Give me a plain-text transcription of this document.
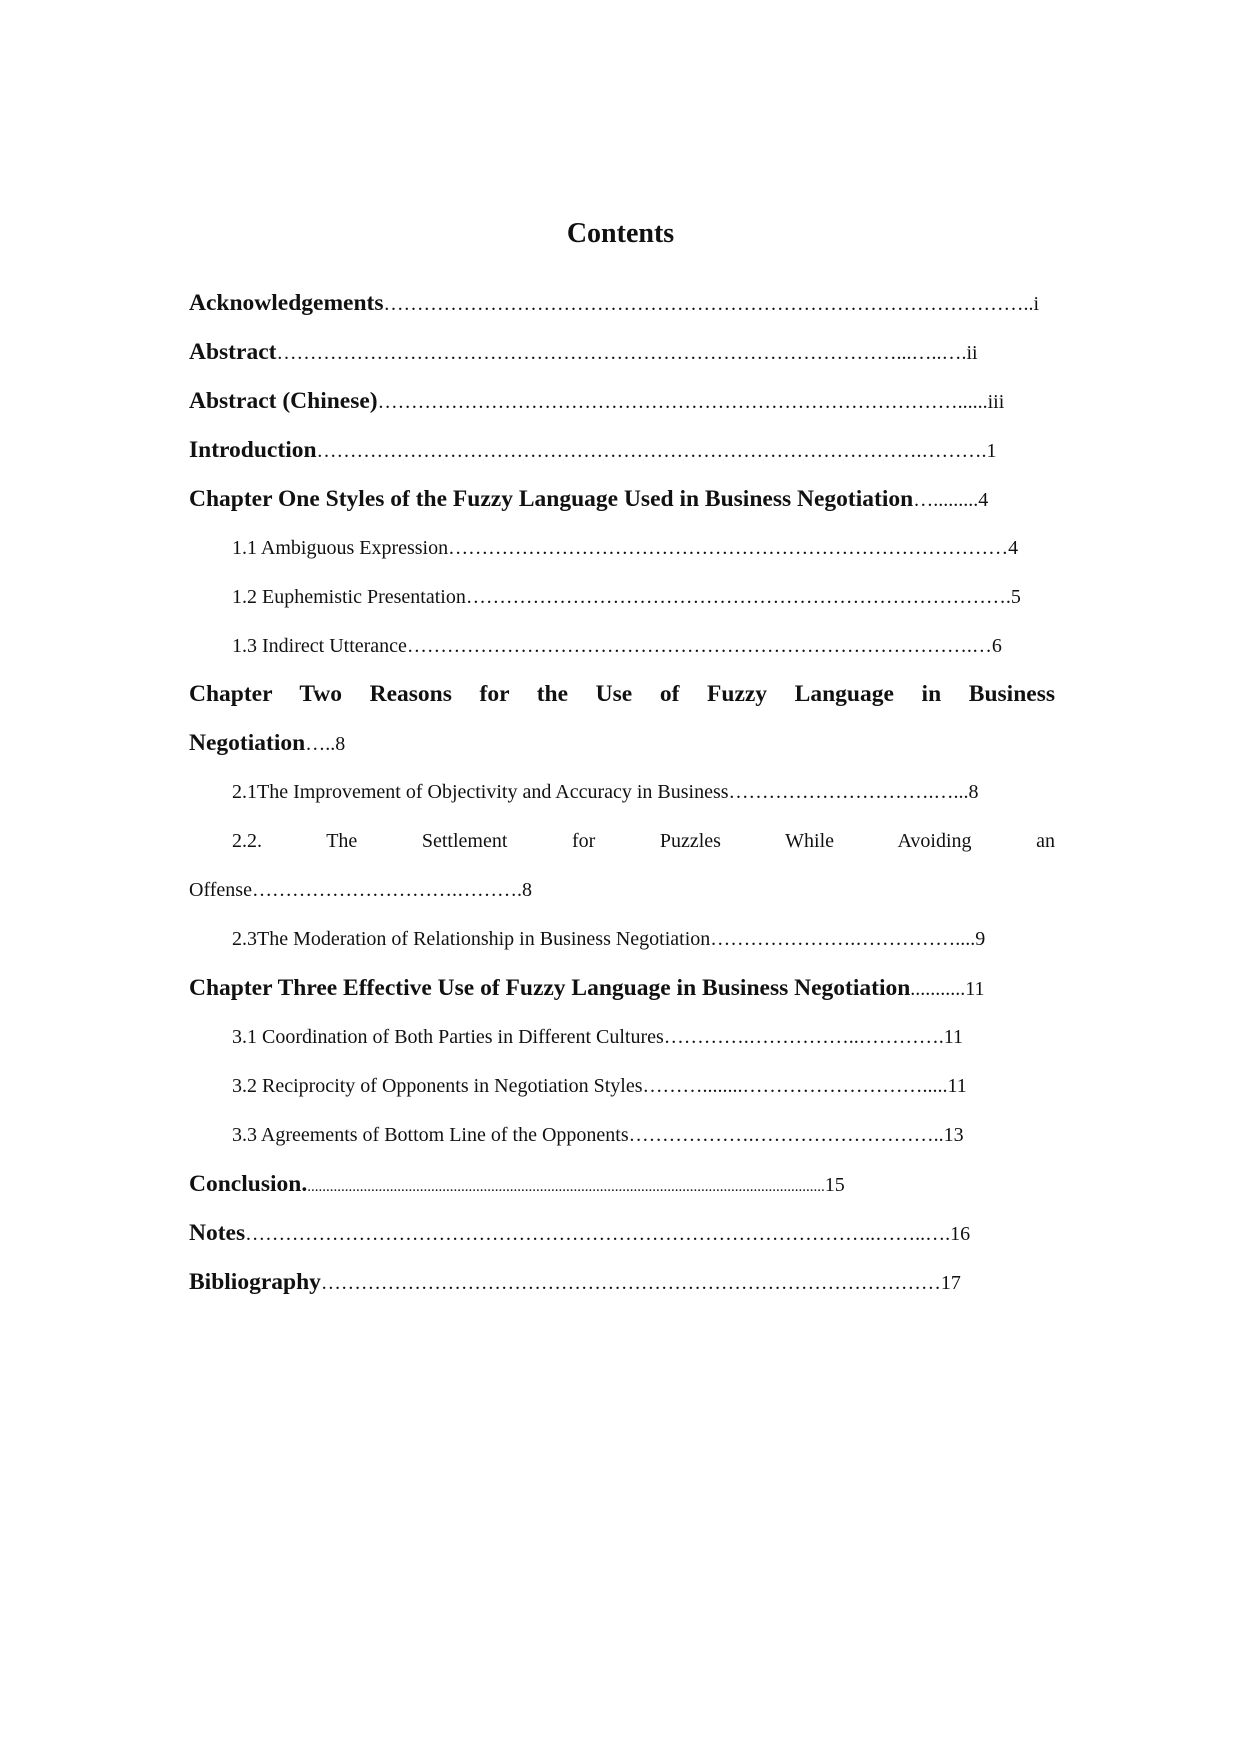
Contents
Acknowledgements……………………………………………………………………………………..i
Abstract…………………………………………………………………………………...…..….ii
Abstract (Chinese)……………………………………………………………………………......iii
Introduction……………………………………………………………………………….……….1
Chapter One Styles of the Fuzzy Language Used in Business Negotiation….........4
1.1 Ambiguous Expression…………………………………………………………………………4
1.2 Euphemistic Presentation……………………………………………………………………….5
1.3 Indirect Utterance………………………………………………………………………….…6
Chapter Two Reasons for the Use of Fuzzy Language in Business
Negotiation…..8
2.1The Improvement of Objectivity and Accuracy in Business………………………….…...8
2.2. The Settlement for Puzzles While Avoiding an
Offense………………………….……….8
2.3The Moderation of Relationship in Business Negotiation………………….……………....9
Chapter Three Effective Use of Fuzzy Language in Business Negotiation...........11
3.1 Coordination of Both Parties in Different Cultures………….……………..………….11
3.2 Reciprocity of Opponents in Negotiation Styles………........……………………….....11
3.3 Agreements of Bottom Line of the Opponents……………….………………………..13
Conclusion...........................................................................................................................................15
Notes…………………………………………………………………………………..……..….16
Bibliography…………………………………………………………………………………17
